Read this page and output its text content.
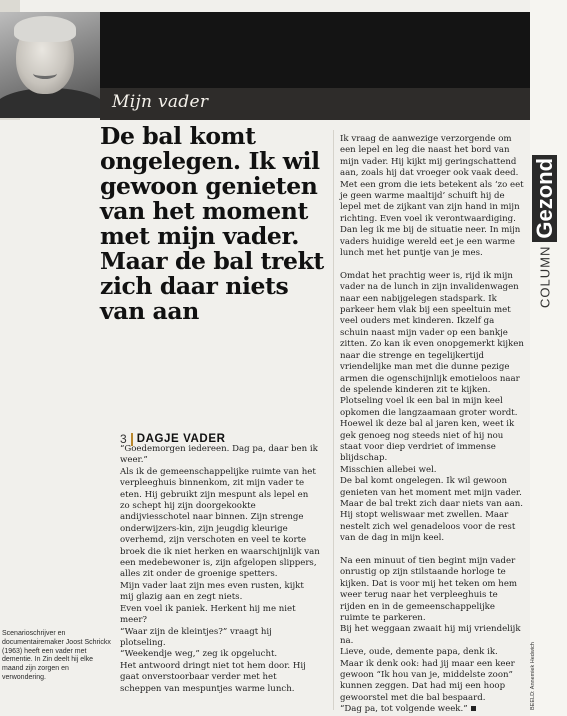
Mijn vader
COLUMNGezond
De bal komt ongelegen. Ik wil gewoon genieten van het moment met mijn vader. Maar de bal trekt zich daar niets van aan
3 DAGJE VADER

“Goedemorgen iedereen. Dag pa, daar ben ik weer.”

Als ik de gemeenschappelijke ruimte van het verpleeghuis binnenkom, zit mijn vader te eten. Hij gebruikt zijn mespunt als lepel en zo schept hij zijn doorgekookte andijviesschotel naar binnen. Zijn strenge onderwijzers-kin, zijn jeugdig kleurige overhemd, zijn verschoten en veel te korte broek die ik niet herken en waarschijnlijk van een medebewoner is, zijn afgelopen slippers, alles zit onder de groenige spetters.

Mijn vader laat zijn mes even rusten, kijkt mij glazig aan en zegt niets.

Even voel ik paniek. Herkent hij me niet meer?

“Waar zijn de kleintjes?” vraagt hij plotseling.

“Weekendje weg,” zeg ik opgelucht.

Het antwoord dringt niet tot hem door. Hij gaat onverstoorbaar verder met het scheppen van mespuntjes warme lunch.

Ik vraag de aanwezige verzorgende om een lepel en leg die naast het bord van mijn vader. Hij kijkt mij geringschattend aan, zoals hij dat vroeger ook vaak deed. Met een grom die iets betekent als ‘zo eet je geen warme maaltijd’ schuift hij de lepel met de zijkant van zijn hand in mijn richting. Even voel ik verontwaardiging. Dan leg ik me bij de situatie neer. In mijn vaders huidige wereld eet je een warme lunch met het puntje van je mes.

Omdat het prachtig weer is, rijd ik mijn vader na de lunch in zijn invalidenwagen naar een nabijgelegen stadspark. Ik parkeer hem vlak bij een speeltuin met veel ouders met kinderen. Ikzelf ga schuin naast mijn vader op een bankje zitten. Zo kan ik even onopgemerkt kijken naar die strenge en tegelijkertijd vriendelijke man met die dunne pezige armen die ogenschijnlijk emotieloos naar de spelende kinderen zit te kijken.

Plotseling voel ik een bal in mijn keel opkomen die langzaamaan groter wordt. Hoewel ik deze bal al jaren ken, weet ik gek genoeg nog steeds niet of hij nou staat voor diep verdriet of immense blijdschap.

Misschien allebei wel.

De bal komt ongelegen. Ik wil gewoon genieten van het moment met mijn vader. Maar de bal trekt zich daar niets van aan. Hij stopt weliswaar met zwellen. Maar nestelt zich wel genadeloos voor de rest van de dag in mijn keel.

Na een minuut of tien begint mijn vader onrustig op zijn stilstaande horloge te kijken. Dat is voor mij het teken om hem weer terug naar het verpleeghuis te rijden en in de gemeenschappelijke ruimte te parkeren.

Bij het weggaan zwaait hij mij vriendelijk na.

Lieve, oude, demente papa, denk ik.

Maar ik denk ook: had jij maar een keer gewoon “Ik hou van je, middelste zoon” kunnen zeggen. Dat had mij een hoop gewoorstel met die bal bespaard.

“Dag pa, tot volgende week.”

Scenarioschrijver en documentairemaker Joost Schrickx (1963) heeft een vader met dementie. In Zin deelt hij elke maand zijn zorgen en verwondering.	BEELD: Annemiek Hedwich
